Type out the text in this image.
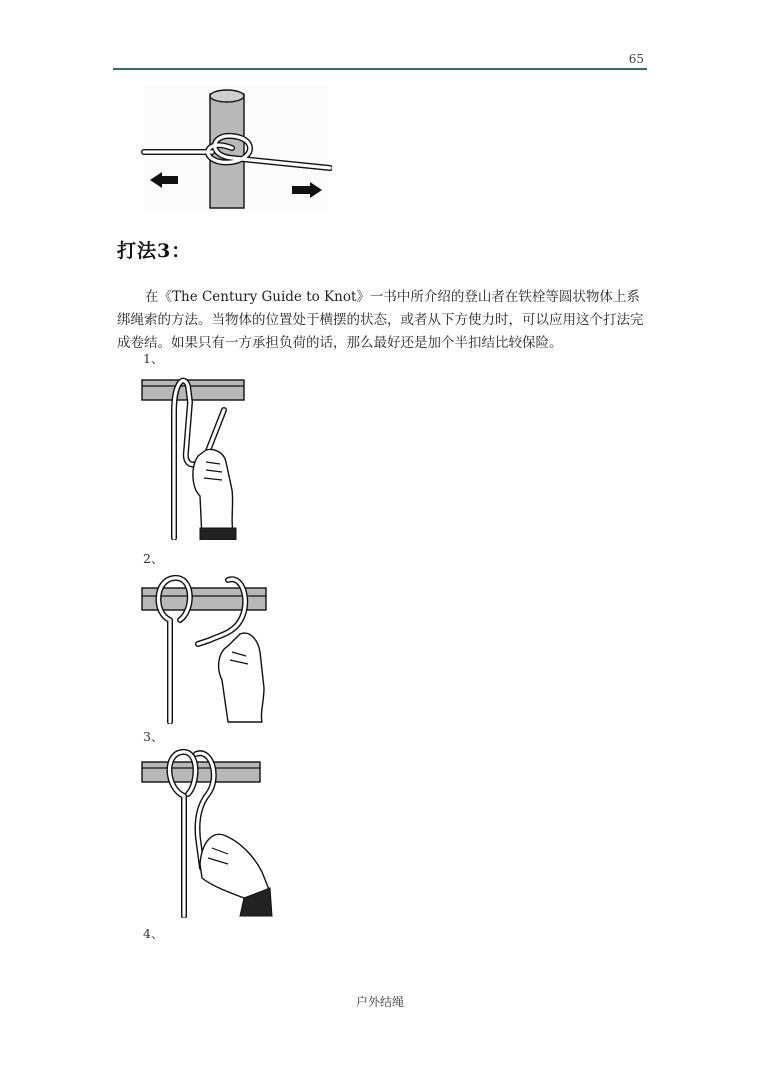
65
打法3：

在《The Century Guide to Knot》一书中所介绍的登山者在铁栓等圆状物体上系绑绳索的方法。当物体的位置处于横摆的状态，或者从下方使力时，可以应用这个打法完成卷结。如果只有一方承担负荷的话，那么最好还是加个半扣结比较保险。

1、
2、
3、
4、
户外结绳
